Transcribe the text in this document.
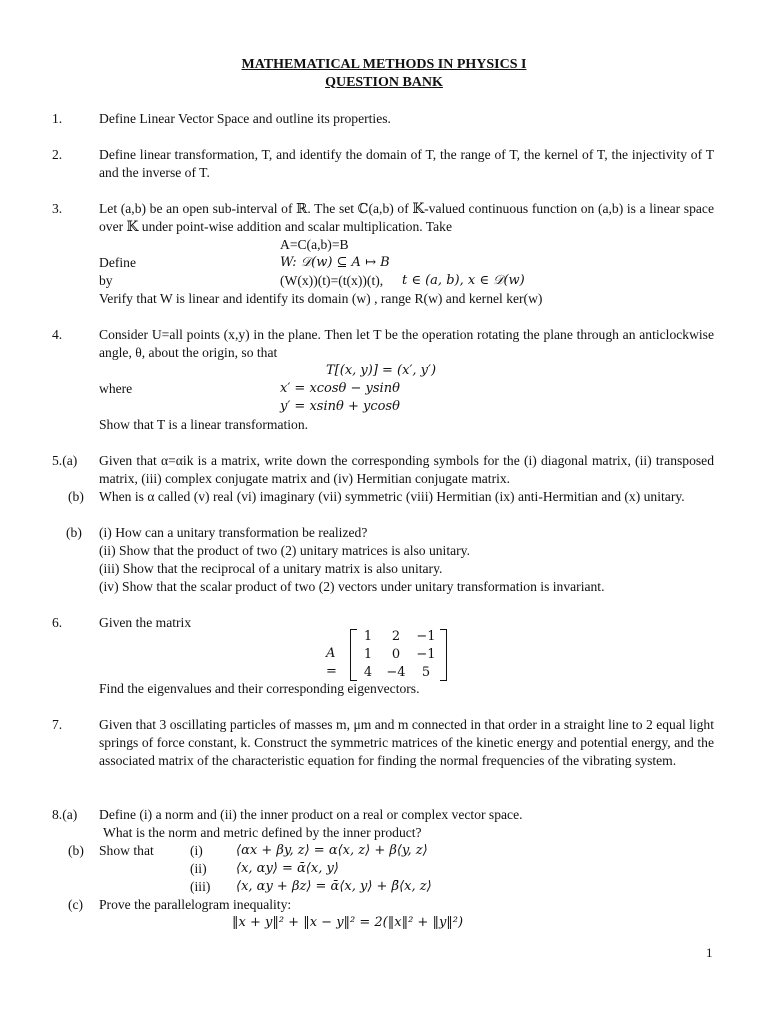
MATHEMATICAL METHODS IN PHYSICS I
QUESTION BANK
1.	Define Linear Vector Space and outline its properties.
2.	Define linear transformation, T, and identify the domain of T, the range of T, the kernel of T, the injectivity of T and the inverse of T.
3.	Let (a,b) be an open sub-interval of ℝ. The set ℂ(a,b) of 𝕂-valued continuous function on (a,b) is a linear space over 𝕂 under point-wise addition and scalar multiplication. Take
A=C(a,b)=B
Define	W: 𝒟(w) ⊆ A ↦ B
by	(W(x))(t)=(t(x))(t), t ∈ (a, b), x ∈ 𝒟(w)
Verify that W is linear and identify its domain (w) , range R(w) and kernel ker(w)
4.	Consider U=all points (x,y) in the plane. Then let T be the operation rotating the plane through an anticlockwise angle, θ, about the origin, so that
T[(x, y)] = (x′, y′)
where	x′ = xcosθ − ysinθ
y′ = xsinθ + ycosθ
Show that T is a linear transformation.
5.(a)	Given that α=αik is a matrix, write down the corresponding symbols for the (i) diagonal matrix, (ii) transposed matrix, (iii) complex conjugate matrix and (iv) Hermitian conjugate matrix.
(b)	When is α called (v) real (vi) imaginary (vii) symmetric (viii) Hermitian (ix) anti-Hermitian and (x) unitary.
(b)	(i) How can a unitary transformation be realized?
(ii) Show that the product of two (2) unitary matrices is also unitary.
(iii) Show that the reciprocal of a unitary matrix is also unitary.
(iv) Show that the scalar product of two (2) vectors under unitary transformation is invariant.
6.	Given the matrix
A =
1	2	−1
1	0	−1
4	−4	5
Find the eigenvalues and their corresponding eigenvectors.
7.	Given that 3 oscillating particles of masses m, μm and m connected in that order in a straight line to 2 equal light springs of force constant, k. Construct the symmetric matrices of the kinetic energy and potential energy, and the associated matrix of the characteristic equation for finding the normal frequencies of the vibrating system.
8.(a)	Define (i) a norm and (ii) the inner product on a real or complex vector space.
What is the norm and metric defined by the inner product?
(b) Show that	(i)	⟨αx + βy, z⟩ = α⟨x, z⟩ + β⟨y, z⟩
(ii) ⟨x, αy⟩ = ᾱ⟨x, y⟩
(iii) ⟨x, αy + βz⟩ = ᾱ⟨x, y⟩ + β̄⟨x, z⟩
(c) Prove the parallelogram inequality:
‖x + y‖² + ‖x − y‖² = 2(‖x‖² + ‖y‖²)
1
